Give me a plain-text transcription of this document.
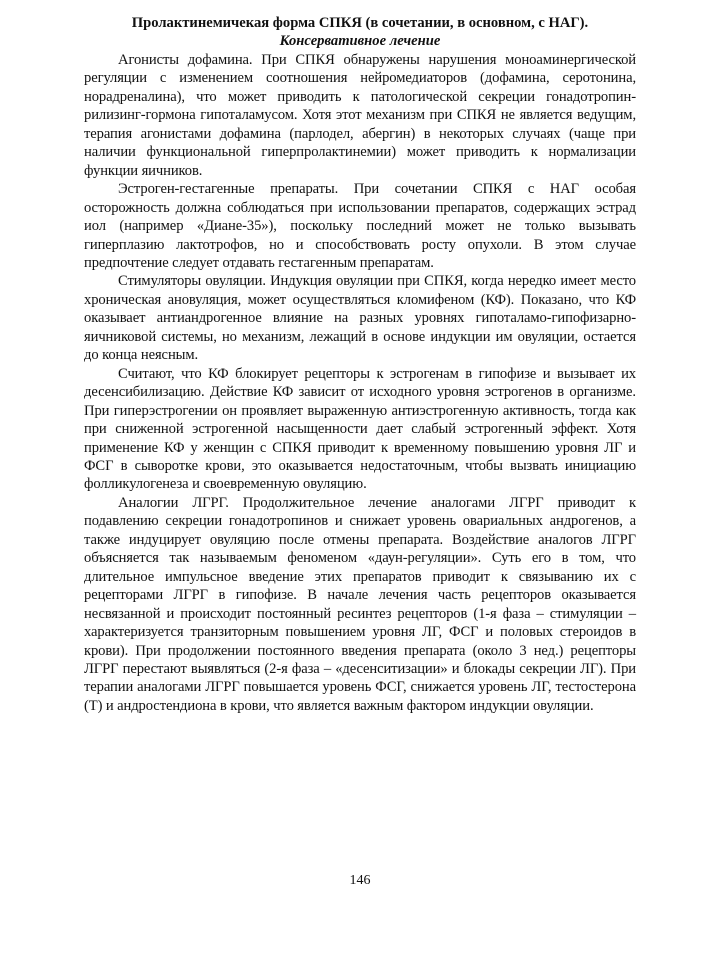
Пролактинемичекая форма СПКЯ (в сочетании, в основном, с НАГ).
Консервативное лечение

Агонисты дофамина. При СПКЯ обнаружены нарушения моноаминергической регуляции с изменением соотношения нейромедиаторов (дофамина, серотонина, норадреналина), что может приводить к патологической секреции гонадотропин-рилизинг-гормона гипоталамусом. Хотя этот механизм при СПКЯ не является ведущим, терапия агонистами дофамина (парлодел, абергин) в некоторых случаях (чаще при наличии функциональной гиперпролактинемии) может приводить к нормализации функции яичников.

Эстроген-гестагенные препараты. При сочетании СПКЯ с НАГ особая осторожность должна соблюдаться при использовании препаратов, содержащих эстрад иол (например «Диане-35»), поскольку последний может не только вызывать гиперплазию лактотрофов, но и способствовать росту опухоли. В этом случае предпочтение следует отдавать гестагенным препаратам.

Стимуляторы овуляции. Индукция овуляции при СПКЯ, когда нередко имеет место хроническая ановуляция, может осуществляться кломифеном (КФ). Показано, что КФ оказывает антиандрогенное влияние на разных уровнях гипоталамо-гипофизарно-яичниковой системы, но механизм, лежащий в основе индукции им овуляции, остается до конца неясным.

Считают, что КФ блокирует рецепторы к эстрогенам в гипофизе и вызывает их десенсибилизацию. Действие КФ зависит от исходного уровня эстрогенов в организме. При гиперэстрогении он проявляет выраженную антиэстрогенную активность, тогда как при сниженной эстрогенной насыщенности дает слабый эстрогенный эффект. Хотя применение КФ у женщин с СПКЯ приводит к временному повышению уровня ЛГ и ФСГ в сыворотке крови, это оказывается недостаточным, чтобы вызвать инициацию фолликулогенеза и своевременную овуляцию.

Аналогии ЛГРГ. Продолжительное лечение аналогами ЛГРГ приводит к подавлению секреции гонадотропинов и снижает уровень овариальных андрогенов, а также индуцирует овуляцию после отмены препарата. Воздействие аналогов ЛГРГ объясняется так называемым феноменом «даун-регуляции». Суть его в том, что длительное импульсное введение этих препаратов приводит к связыванию их с рецепторами ЛГРГ в гипофизе. В начале лечения часть рецепторов оказывается несвязанной и происходит постоянный ресинтез рецепторов (1-я фаза – стимуляции – характеризуется транзиторным повышением уровня ЛГ, ФСГ и половых стероидов в крови). При продолжении постоянного введения препарата (около 3 нед.) рецепторы ЛГРГ перестают выявляться (2-я фаза – «десенситизации» и блокады секреции ЛГ). При терапии аналогами ЛГРГ повышается уровень ФСГ, снижается уровень ЛГ, тестостерона (Т) и андростендиона в крови, что является важным фактором индукции овуляции.

146
